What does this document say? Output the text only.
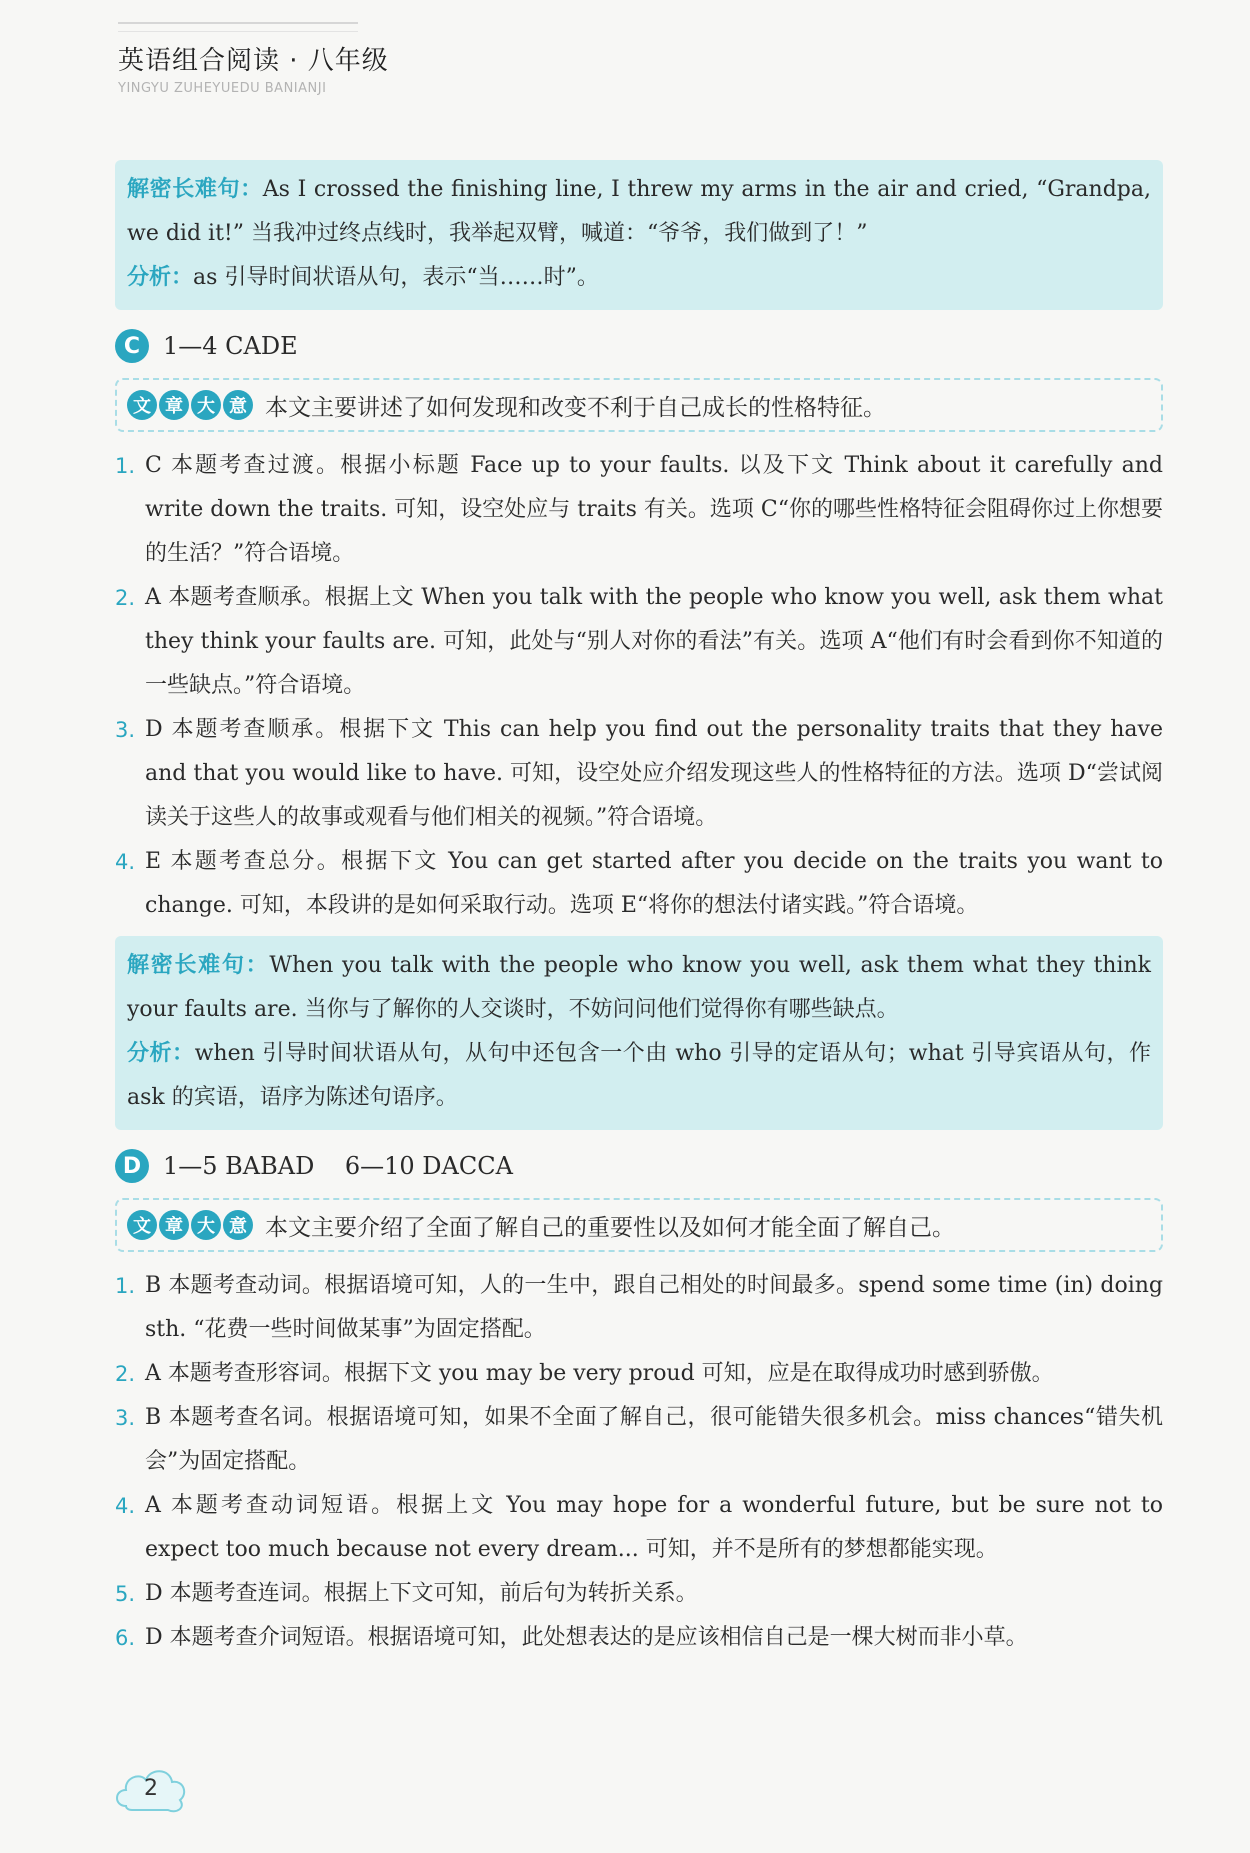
英语组合阅读 · 八年级
YINGYU ZUHEYUEDU BANIANJI
解密长难句：As I crossed the finishing line, I threw my arms in the air and cried, “Grandpa, we did it!” 当我冲过终点线时，我举起双臂，喊道：“爷爷，我们做到了！”
分析：as 引导时间状语从句，表示“当……时”。
C 1—4 CADE
文 章 大 意 本文主要讲述了如何发现和改变不利于自己成长的性格特征。
1. C 本题考查过渡。根据小标题 Face up to your faults. 以及下文 Think about it carefully and write down the traits. 可知，设空处应与 traits 有关。选项 C“你的哪些性格特征会阻碍你过上你想要的生活？”符合语境。
2. A 本题考查顺承。根据上文 When you talk with the people who know you well, ask them what they think your faults are. 可知，此处与“别人对你的看法”有关。选项 A“他们有时会看到你不知道的一些缺点。”符合语境。
3. D 本题考查顺承。根据下文 This can help you find out the personality traits that they have and that you would like to have. 可知，设空处应介绍发现这些人的性格特征的方法。选项 D“尝试阅读关于这些人的故事或观看与他们相关的视频。”符合语境。
4. E 本题考查总分。根据下文 You can get started after you decide on the traits you want to change. 可知，本段讲的是如何采取行动。选项 E“将你的想法付诸实践。”符合语境。
解密长难句：When you talk with the people who know you well, ask them what they think your faults are. 当你与了解你的人交谈时，不妨问问他们觉得你有哪些缺点。
分析：when 引导时间状语从句，从句中还包含一个由 who 引导的定语从句；what 引导宾语从句，作 ask 的宾语，语序为陈述句语序。
D 1—5 BABAD    6—10 DACCA
文 章 大 意 本文主要介绍了全面了解自己的重要性以及如何才能全面了解自己。
1. B 本题考查动词。根据语境可知，人的一生中，跟自己相处的时间最多。spend some time (in) doing sth. “花费一些时间做某事”为固定搭配。
2. A 本题考查形容词。根据下文 you may be very proud 可知，应是在取得成功时感到骄傲。
3. B 本题考查名词。根据语境可知，如果不全面了解自己，很可能错失很多机会。miss chances“错失机会”为固定搭配。
4. A 本题考查动词短语。根据上文 You may hope for a wonderful future, but be sure not to expect too much because not every dream... 可知，并不是所有的梦想都能实现。
5. D 本题考查连词。根据上下文可知，前后句为转折关系。
6. D 本题考查介词短语。根据语境可知，此处想表达的是应该相信自己是一棵大树而非小草。
2
